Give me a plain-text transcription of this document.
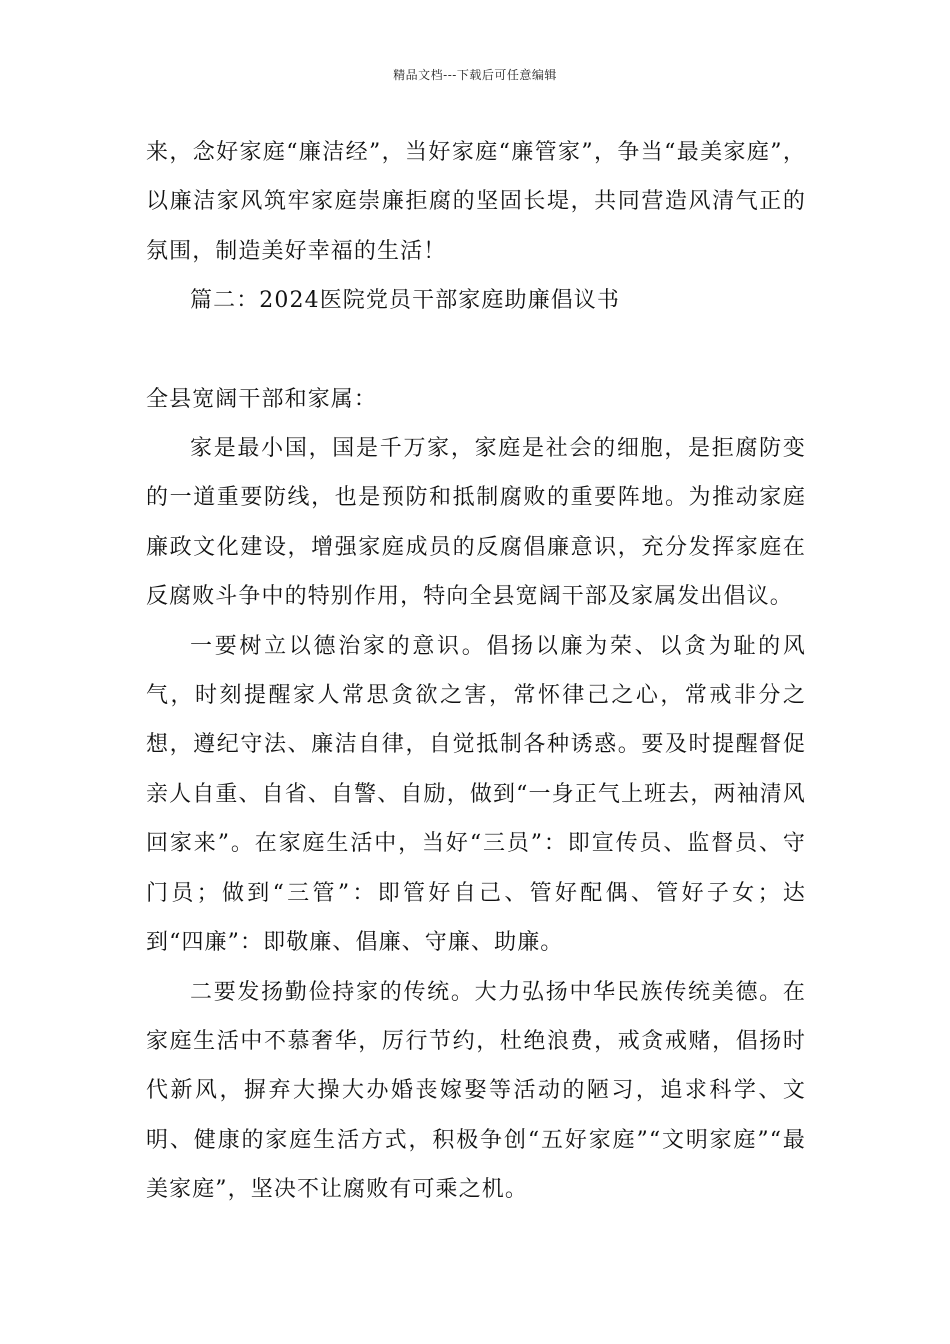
精品文档---下载后可任意编辑

来，念好家庭“廉洁经”，当好家庭“廉管家”，争当“最美家庭”，以廉洁家风筑牢家庭崇廉拒腐的坚固长堤，共同营造风清气正的氛围，制造美好幸福的生活！

篇二：2024医院党员干部家庭助廉倡议书

全县宽阔干部和家属：

家是最小国，国是千万家，家庭是社会的细胞，是拒腐防变的一道重要防线，也是预防和抵制腐败的重要阵地。为推动家庭廉政文化建设，增强家庭成员的反腐倡廉意识，充分发挥家庭在反腐败斗争中的特别作用，特向全县宽阔干部及家属发出倡议。

一要树立以德治家的意识。倡扬以廉为荣、以贪为耻的风气，时刻提醒家人常思贪欲之害，常怀律己之心，常戒非分之想，遵纪守法、廉洁自律，自觉抵制各种诱惑。要及时提醒督促亲人自重、自省、自警、自励，做到“一身正气上班去，两袖清风回家来”。在家庭生活中，当好“三员”：即宣传员、监督员、守门员；做到“三管”：即管好自己、管好配偶、管好子女；达到“四廉”：即敬廉、倡廉、守廉、助廉。

二要发扬勤俭持家的传统。大力弘扬中华民族传统美德。在家庭生活中不慕奢华，厉行节约，杜绝浪费，戒贪戒赌，倡扬时代新风，摒弃大操大办婚丧嫁娶等活动的陋习，追求科学、文明、健康的家庭生活方式，积极争创“五好家庭”“文明家庭”“最美家庭”，坚决不让腐败有可乘之机。
